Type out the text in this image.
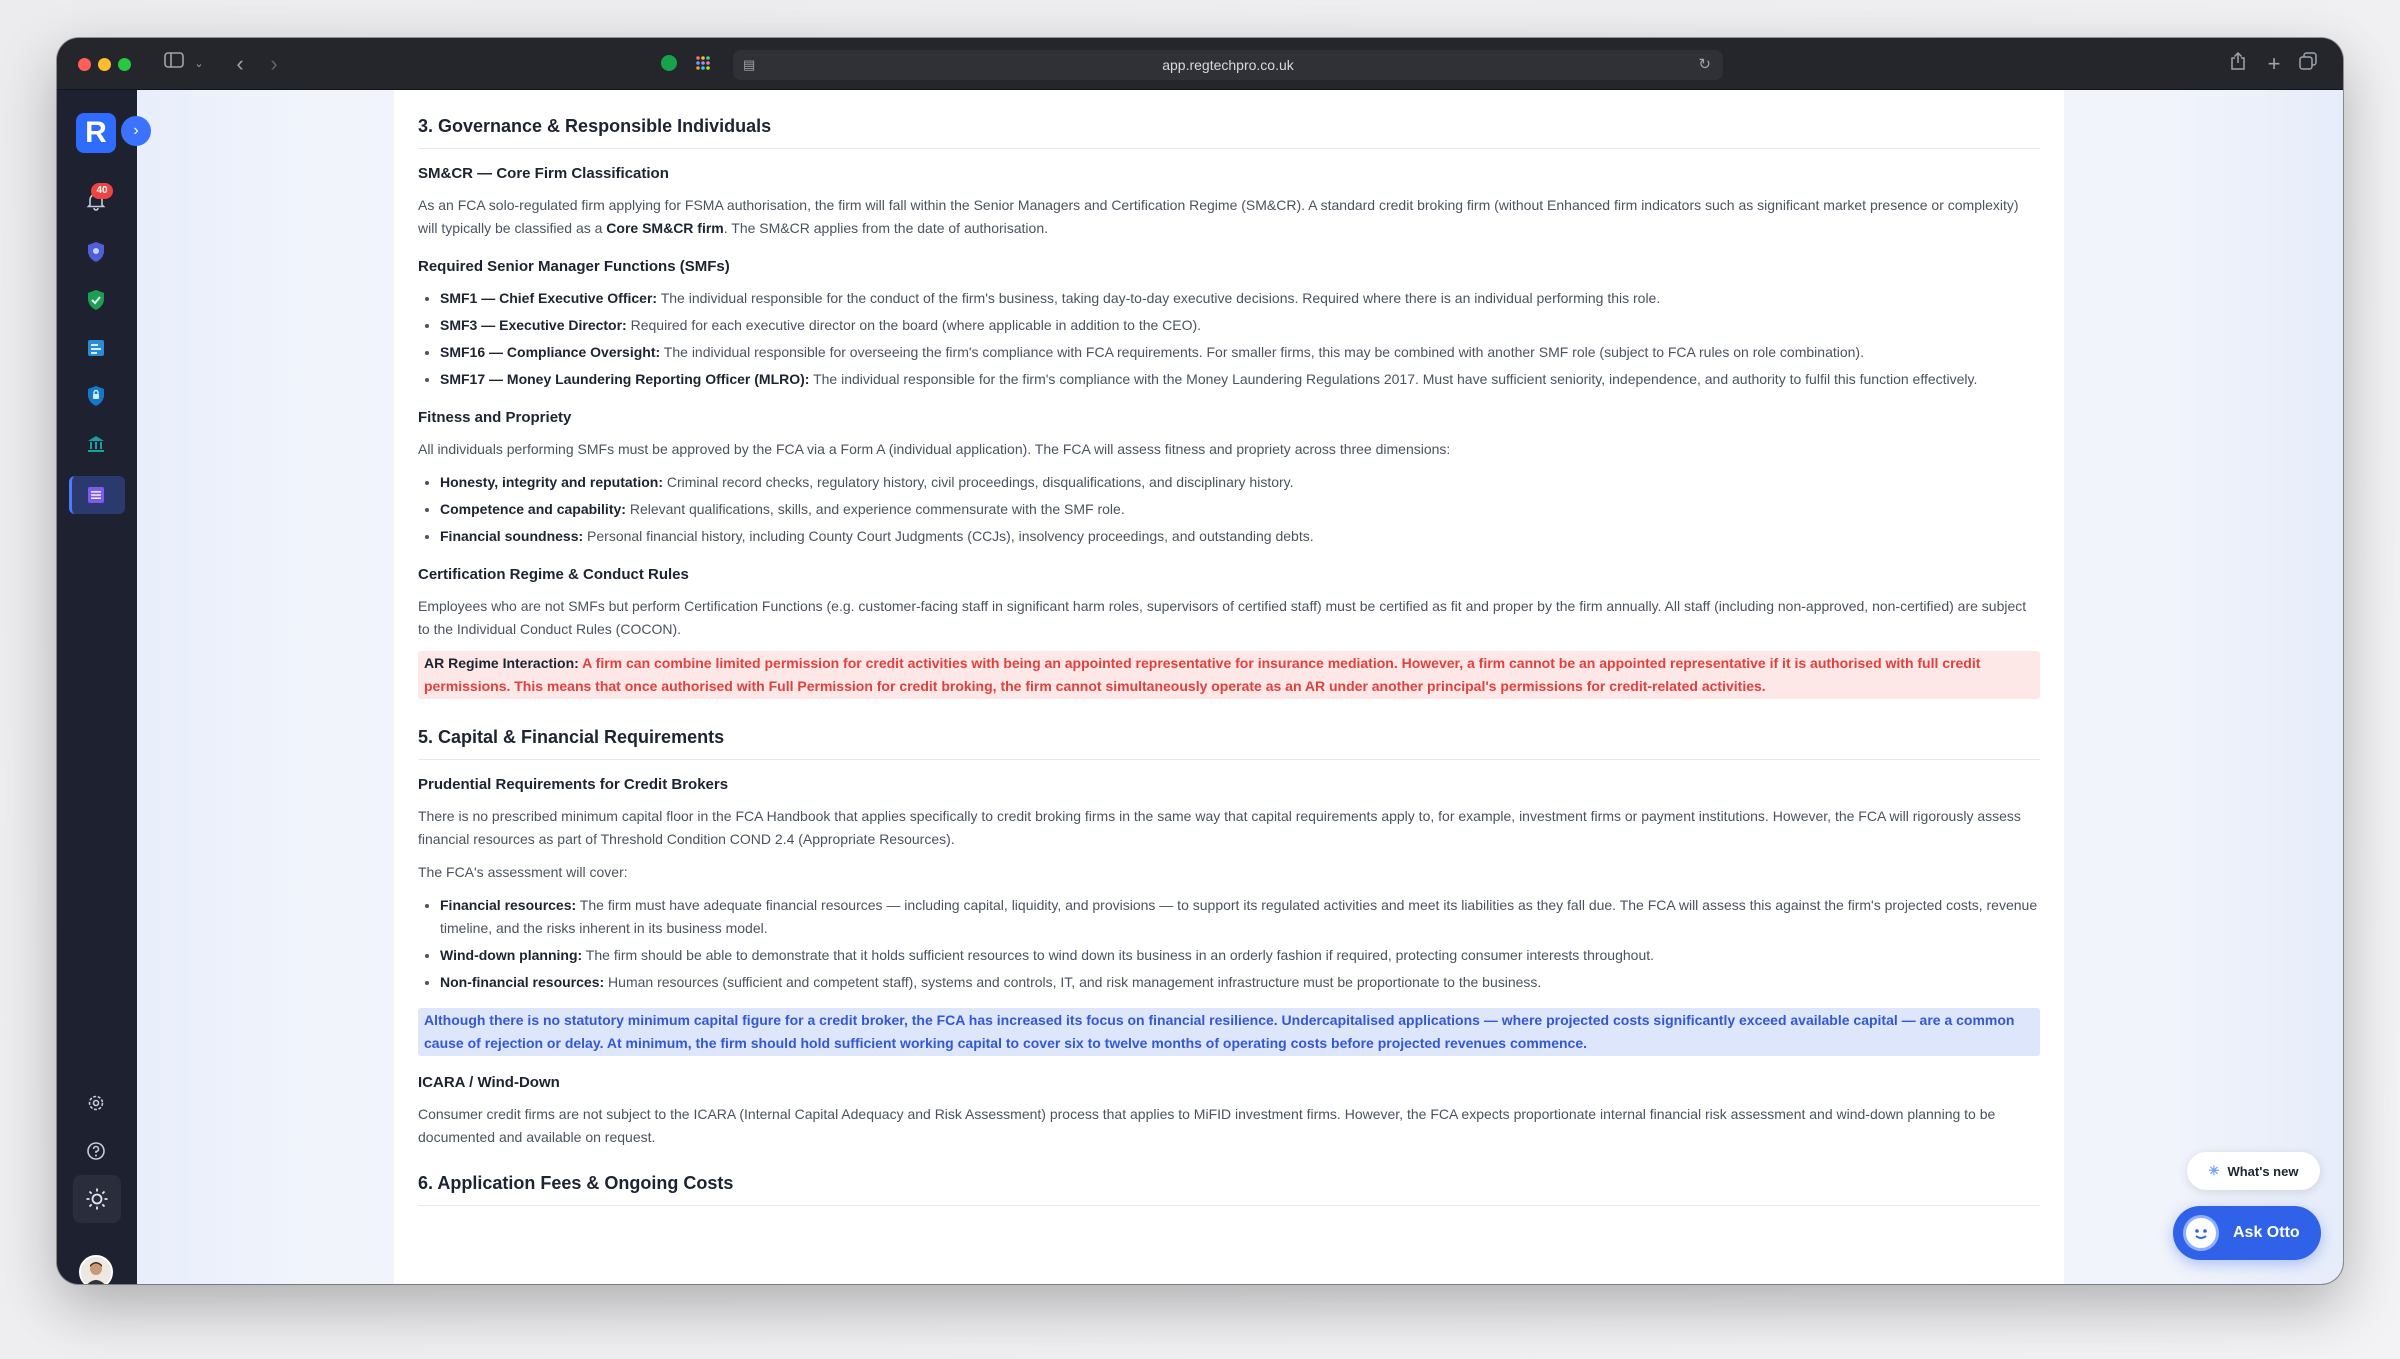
⌄	‹	›	▤	app.regtechpro.co.uk	↻	+
R	›
40
3. Governance & Responsible Individuals
SM&CR — Core Firm Classification

As an FCA solo-regulated firm applying for FSMA authorisation, the firm will fall within the Senior Managers and Certification Regime (SM&CR). A standard credit broking firm (without Enhanced firm indicators such as significant market presence or complexity) will typically be classified as a Core SM&CR firm. The SM&CR applies from the date of authorisation.

Required Senior Manager Functions (SMFs)
• SMF1 — Chief Executive Officer: The individual responsible for the conduct of the firm's business, taking day-to-day executive decisions. Required where there is an individual performing this role.
• SMF3 — Executive Director: Required for each executive director on the board (where applicable in addition to the CEO).
• SMF16 — Compliance Oversight: The individual responsible for overseeing the firm's compliance with FCA requirements. For smaller firms, this may be combined with another SMF role (subject to FCA rules on role combination).
• SMF17 — Money Laundering Reporting Officer (MLRO): The individual responsible for the firm's compliance with the Money Laundering Regulations 2017. Must have sufficient seniority, independence, and authority to fulfil this function effectively.
Fitness and Propriety

All individuals performing SMFs must be approved by the FCA via a Form A (individual application). The FCA will assess fitness and propriety across three dimensions:

• Honesty, integrity and reputation: Criminal record checks, regulatory history, civil proceedings, disqualifications, and disciplinary history.
• Competence and capability: Relevant qualifications, skills, and experience commensurate with the SMF role.
• Financial soundness: Personal financial history, including County Court Judgments (CCJs), insolvency proceedings, and outstanding debts.
Certification Regime & Conduct Rules

Employees who are not SMFs but perform Certification Functions (e.g. customer-facing staff in significant harm roles, supervisors of certified staff) must be certified as fit and proper by the firm annually. All staff (including non-approved, non-certified) are subject to the Individual Conduct Rules (COCON).

AR Regime Interaction: A firm can combine limited permission for credit activities with being an appointed representative for insurance mediation. However, a firm cannot be an appointed representative if it is authorised with full credit permissions. This means that once authorised with Full Permission for credit broking, the firm cannot simultaneously operate as an AR under another principal's permissions for credit-related activities.
5. Capital & Financial Requirements
Prudential Requirements for Credit Brokers

There is no prescribed minimum capital floor in the FCA Handbook that applies specifically to credit broking firms in the same way that capital requirements apply to, for example, investment firms or payment institutions. However, the FCA will rigorously assess financial resources as part of Threshold Condition COND 2.4 (Appropriate Resources).

The FCA's assessment will cover:

• Financial resources: The firm must have adequate financial resources — including capital, liquidity, and provisions — to support its regulated activities and meet its liabilities as they fall due. The FCA will assess this against the firm's projected costs, revenue timeline, and the risks inherent in its business model.
• Wind-down planning: The firm should be able to demonstrate that it holds sufficient resources to wind down its business in an orderly fashion if required, protecting consumer interests throughout.
• Non-financial resources: Human resources (sufficient and competent staff), systems and controls, IT, and risk management infrastructure must be proportionate to the business.
Although there is no statutory minimum capital figure for a credit broker, the FCA has increased its focus on financial resilience. Undercapitalised applications — where projected costs significantly exceed available capital — are a common cause of rejection or delay. At minimum, the firm should hold sufficient working capital to cover six to twelve months of operating costs before projected revenues commence.
ICARA / Wind-Down

Consumer credit firms are not subject to the ICARA (Internal Capital Adequacy and Risk Assessment) process that applies to MiFID investment firms. However, the FCA expects proportionate internal financial risk assessment and wind-down planning to be documented and available on request.

6. Application Fees & Ongoing Costs
✳ What's new
Ask Otto
